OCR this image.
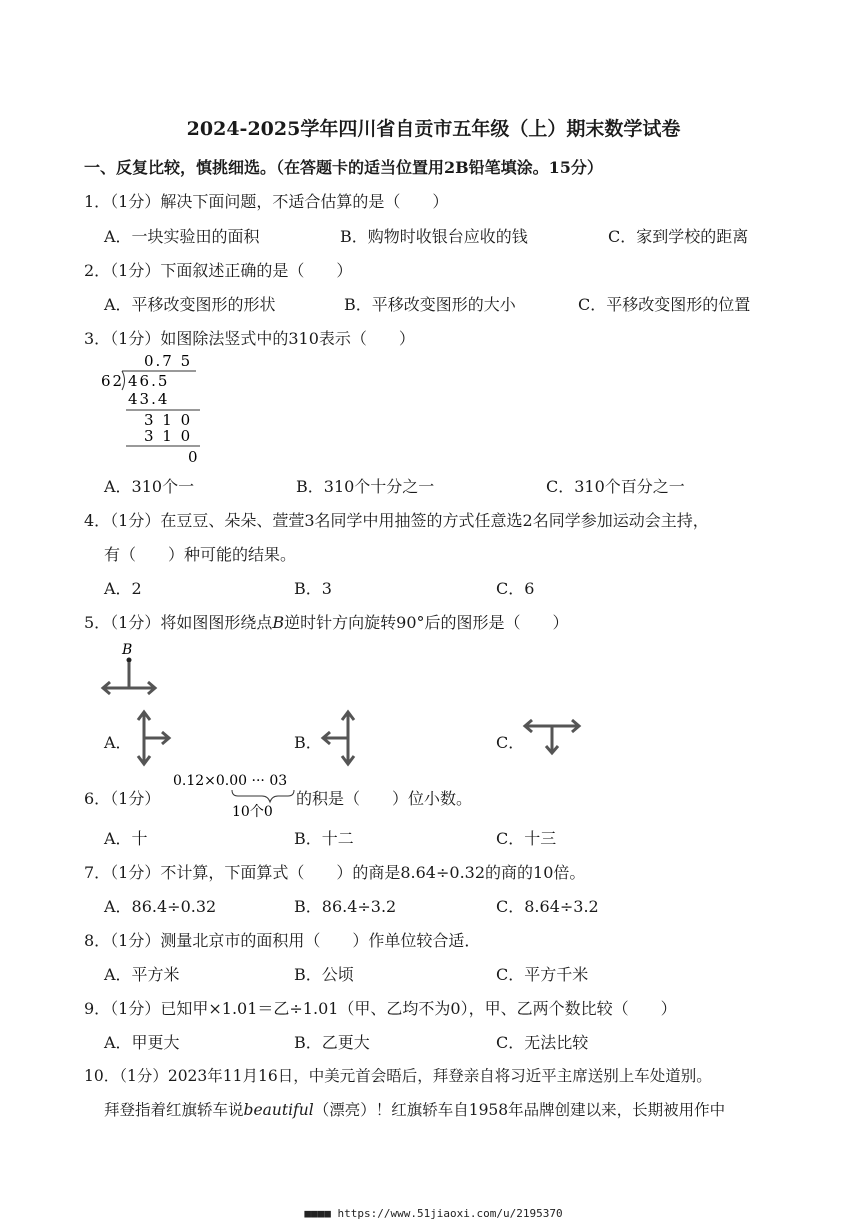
2024-2025学年四川省自贡市五年级（上）期末数学试卷
一、反复比较，慎挑细选。（在答题卡的适当位置用2B铅笔填涂。15分）
1．（1分）解决下面问题，不适合估算的是（　　）
A．一块实验田的面积	B．购物时收银台应收的钱	C．家到学校的距离
2．（1分）下面叙述正确的是（　　）
A．平移改变图形的形状	B．平移改变图形的大小	C．平移改变图形的位置
3．（1分）如图除法竖式中的310表示（　　）
0.7 5
62 46.5
43.4
3 1 0
3 1 0
0
A．310个一	B．310个十分之一	C．310个百分之一
4．（1分）在豆豆、朵朵、萱萱3名同学中用抽签的方式任意选2名同学参加运动会主持，
有（　　）种可能的结果。
A．2	B．3	C．6
5．（1分）将如图图形绕点B逆时针方向旋转90°后的图形是（　　）
B
A．	B．	C．
6．（1分）
0.12×0.00 ··· 03
10个0
的积是（　　）位小数。
A．十	B．十二	C．十三
7．（1分）不计算，下面算式（　　）的商是8.64÷0.32的商的10倍。
A．86.4÷0.32	B．86.4÷3.2	C．8.64÷3.2
8．（1分）测量北京市的面积用（　　）作单位较合适．
A．平方米	B．公顷	C．平方千米
9．（1分）已知甲×1.01＝乙÷1.01（甲、乙均不为0），甲、乙两个数比较（　　）
A．甲更大	B．乙更大	C．无法比较
10．（1分）2023年11月16日，中美元首会晤后，拜登亲自将习近平主席送别上车处道别。
拜登指着红旗轿车说beautiful（漂亮）！红旗轿车自1958年品牌创建以来，长期被用作中
■■■■ https://www.51jiaoxi.com/u/2195370
